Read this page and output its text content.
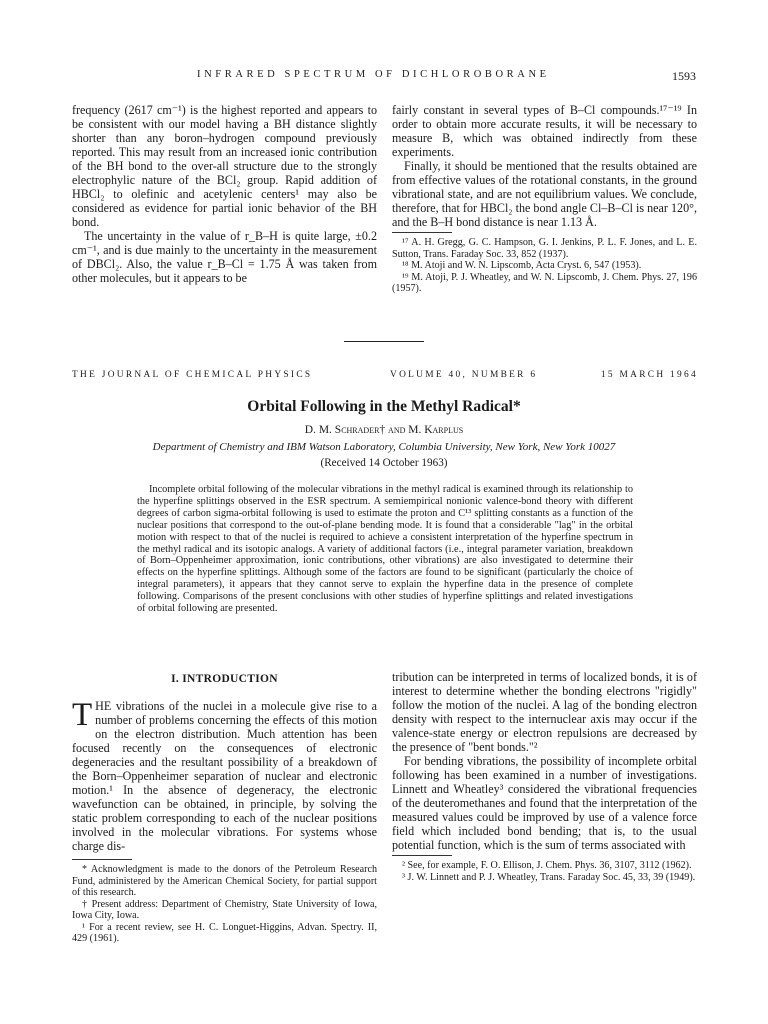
INFRARED SPECTRUM OF DICHLOROBORANE	1593

frequency (2617 cm⁻¹) is the highest reported and appears to be consistent with our model having a BH distance slightly shorter than any boron–hydrogen compound previously reported. This may result from an increased ionic contribution of the BH bond to the over-all structure due to the strongly electrophylic nature of the BCl₂ group. Rapid addition of HBCl₂ to olefinic and acetylenic centers¹ may also be considered as evidence for partial ionic behavior of the BH bond.

The uncertainty in the value of r_B–H is quite large, ±0.2 cm⁻¹, and is due mainly to the uncertainty in the measurement of DBCl₂. Also, the value r_B–Cl = 1.75 Å was taken from other molecules, but it appears to be

fairly constant in several types of B–Cl compounds.¹⁷⁻¹⁹ In order to obtain more accurate results, it will be necessary to measure B, which was obtained indirectly from these experiments.

Finally, it should be mentioned that the results obtained are from effective values of the rotational constants, in the ground vibrational state, and are not equilibrium values. We conclude, therefore, that for HBCl₂ the bond angle Cl–B–Cl is near 120°, and the B–H bond distance is near 1.13 Å.

¹⁷ A. H. Gregg, G. C. Hampson, G. I. Jenkins, P. L. F. Jones, and L. E. Sutton, Trans. Faraday Soc. 33, 852 (1937).

¹⁸ M. Atoji and W. N. Lipscomb, Acta Cryst. 6, 547 (1953).

¹⁹ M. Atoji, P. J. Wheatley, and W. N. Lipscomb, J. Chem. Phys. 27, 196 (1957).

THE JOURNAL OF CHEMICAL PHYSICS	VOLUME 40, NUMBER 6	15 MARCH 1964
Orbital Following in the Methyl Radical*
D. M. Schrader† and M. Karplus
Department of Chemistry and IBM Watson Laboratory, Columbia University, New York, New York 10027
(Received 14 October 1963)
Incomplete orbital following of the molecular vibrations in the methyl radical is examined through its relationship to the hyperfine splittings observed in the ESR spectrum. A semiempirical nonionic valence-bond theory with different degrees of carbon sigma-orbital following is used to estimate the proton and C¹³ splitting constants as a function of the nuclear positions that correspond to the out-of-plane bending mode. It is found that a considerable "lag" in the orbital motion with respect to that of the nuclei is required to achieve a consistent interpretation of the hyperfine spectrum in the methyl radical and its isotopic analogs. A variety of additional factors (i.e., integral parameter variation, breakdown of Born–Oppenheimer approximation, ionic contributions, other vibrations) are also investigated to determine their effects on the hyperfine splittings. Although some of the factors are found to be significant (particularly the choice of integral parameters), it appears that they cannot serve to explain the hyperfine data in the presence of complete following. Comparisons of the present conclusions with other studies of hyperfine splittings and related investigations of orbital following are presented.
I. INTRODUCTION

THE vibrations of the nuclei in a molecule give rise to a number of problems concerning the effects of this motion on the electron distribution. Much attention has been focused recently on the consequences of electronic degeneracies and the resultant possibility of a breakdown of the Born–Oppenheimer separation of nuclear and electronic motion.¹ In the absence of degeneracy, the electronic wavefunction can be obtained, in principle, by solving the static problem corresponding to each of the nuclear positions involved in the molecular vibrations. For systems whose charge dis-

* Acknowledgment is made to the donors of the Petroleum Research Fund, administered by the American Chemical Society, for partial support of this research.

† Present address: Department of Chemistry, State University of Iowa, Iowa City, Iowa.

¹ For a recent review, see H. C. Longuet-Higgins, Advan. Spectry. II, 429 (1961).

tribution can be interpreted in terms of localized bonds, it is of interest to determine whether the bonding electrons "rigidly" follow the motion of the nuclei. A lag of the bonding electron density with respect to the internuclear axis may occur if the valence-state energy or electron repulsions are decreased by the presence of "bent bonds."²

For bending vibrations, the possibility of incomplete orbital following has been examined in a number of investigations. Linnett and Wheatley³ considered the vibrational frequencies of the deuteromethanes and found that the interpretation of the measured values could be improved by use of a valence force field which included bond bending; that is, to the usual potential function, which is the sum of terms associated with

² See, for example, F. O. Ellison, J. Chem. Phys. 36, 3107, 3112 (1962).

³ J. W. Linnett and P. J. Wheatley, Trans. Faraday Soc. 45, 33, 39 (1949).
